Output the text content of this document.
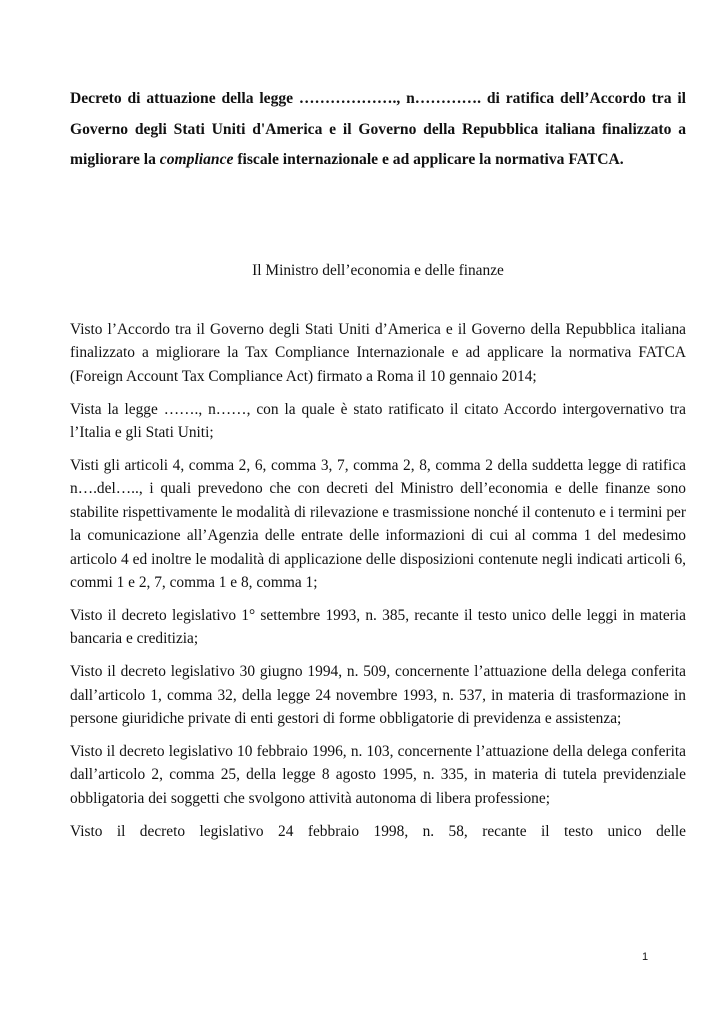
Decreto di attuazione della legge ………………., n…………. di ratifica dell’Accordo tra il Governo degli Stati Uniti d'America e il Governo della Repubblica italiana finalizzato a migliorare la compliance fiscale internazionale e ad applicare la normativa FATCA.

Il Ministro dell’economia e delle finanze

Visto l’Accordo tra il Governo degli Stati Uniti d’America e il Governo della Repubblica italiana finalizzato a migliorare la Tax Compliance Internazionale e ad applicare la normativa FATCA (Foreign Account Tax Compliance Act) firmato a Roma il 10 gennaio 2014;

Vista la legge ……., n……, con la quale è stato ratificato il citato Accordo intergovernativo tra l’Italia e gli Stati Uniti;

Visti gli articoli 4, comma 2, 6, comma 3, 7, comma 2, 8, comma 2 della suddetta legge di ratifica n….del….., i quali prevedono che con decreti del Ministro dell’economia e delle finanze sono stabilite rispettivamente le modalità di rilevazione e trasmissione nonché il contenuto e i termini per la comunicazione all’Agenzia delle entrate delle informazioni di cui al comma 1 del medesimo articolo 4 ed inoltre le modalità di applicazione delle disposizioni contenute negli indicati articoli 6, commi 1 e 2, 7, comma 1 e 8, comma 1;

Visto il decreto legislativo 1° settembre 1993, n. 385, recante il testo unico delle leggi in materia bancaria e creditizia;

Visto il decreto legislativo 30 giugno 1994, n. 509, concernente l’attuazione della delega conferita dall’articolo 1, comma 32, della legge 24 novembre 1993, n. 537, in materia di trasformazione in persone giuridiche private di enti gestori di forme obbligatorie di previdenza e assistenza;

Visto il decreto legislativo 10 febbraio 1996, n. 103, concernente l’attuazione della delega conferita dall’articolo 2, comma 25, della legge 8 agosto 1995, n. 335, in materia di tutela previdenziale obbligatoria dei soggetti che svolgono attività autonoma di libera professione;

Visto il decreto legislativo 24 febbraio 1998, n. 58, recante il testo unico delle

1
